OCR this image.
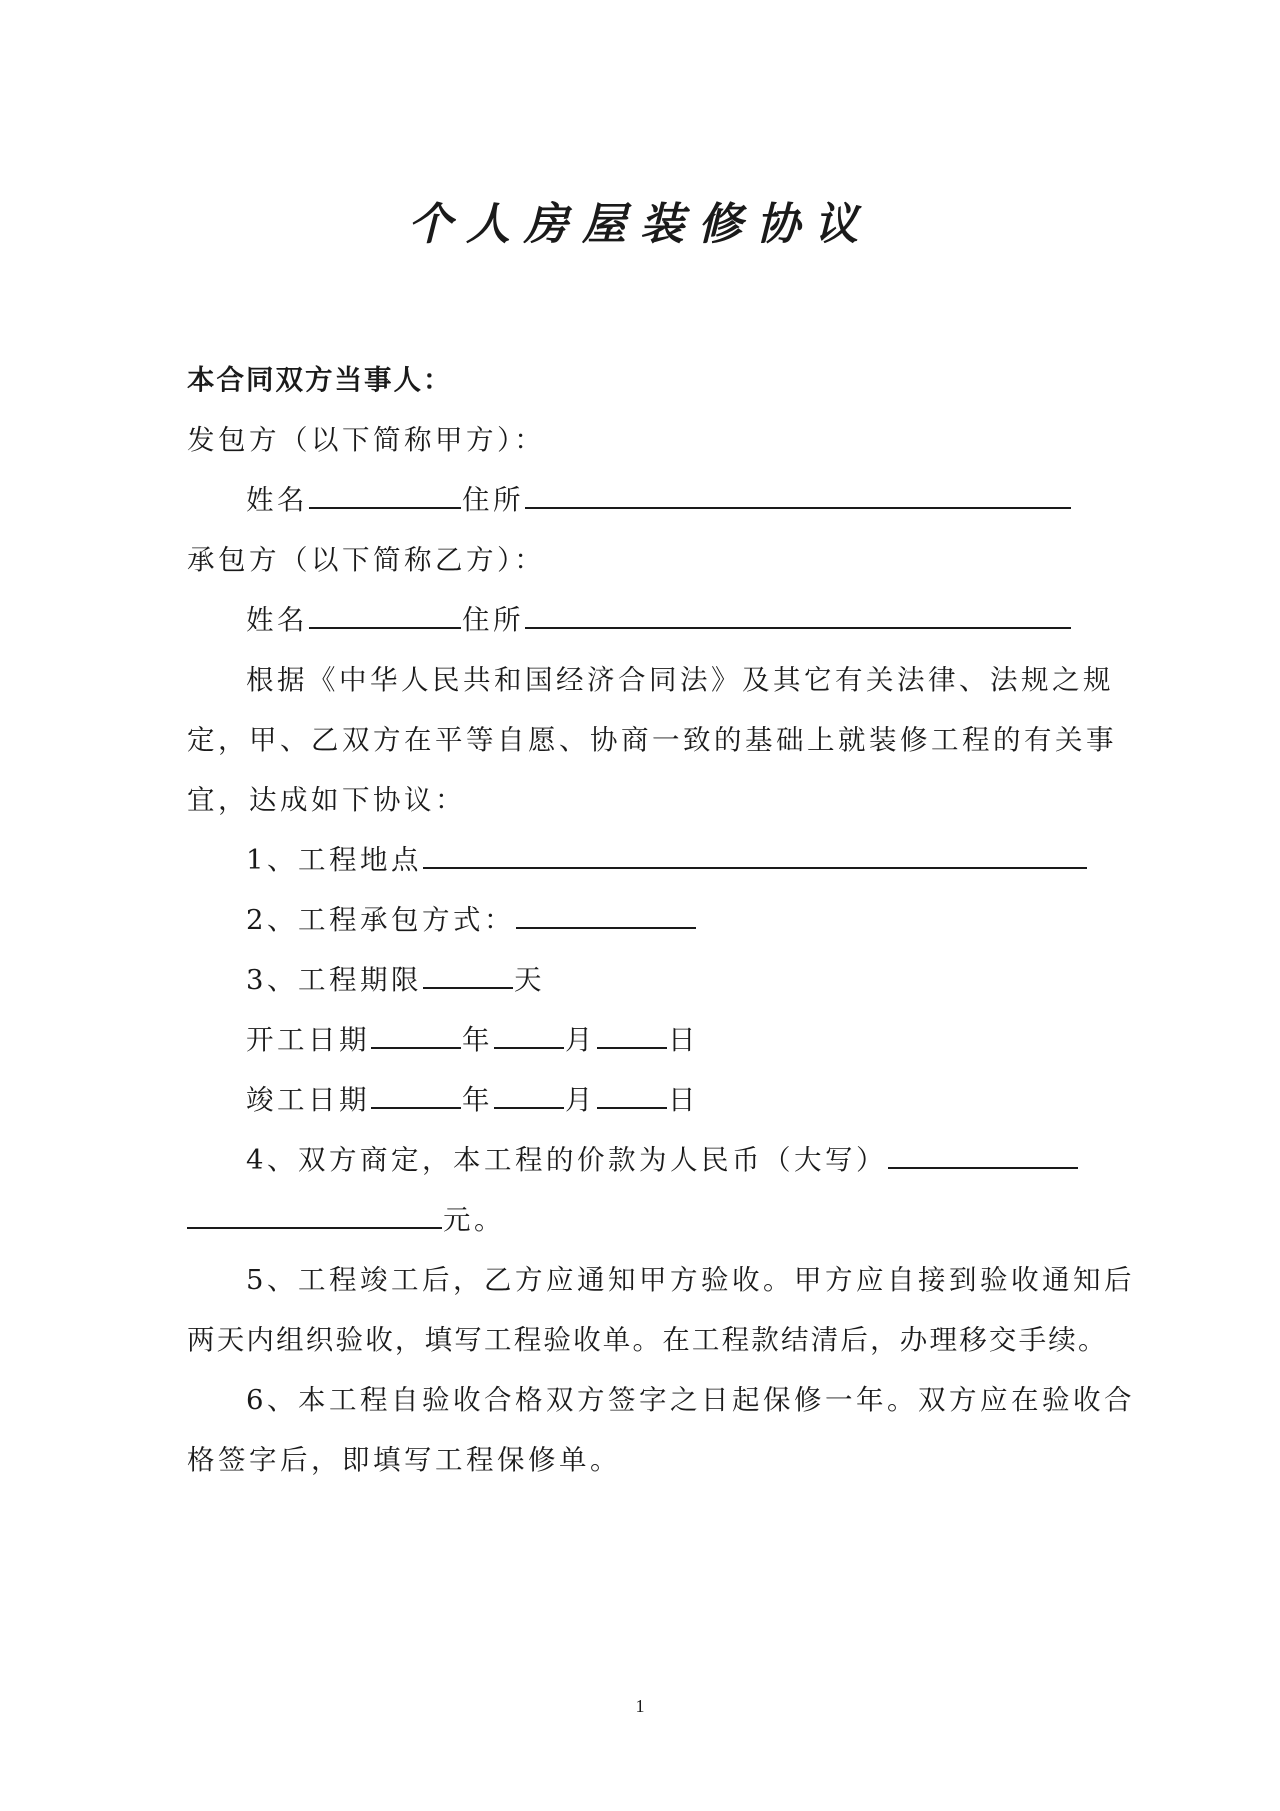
个人房屋装修协议
本合同双方当事人：
发包方（以下简称甲方）：
姓名	住所
承包方（以下简称乙方）：
姓名	住所
根据《中华人民共和国经济合同法》及其它有关法律、法规之规
定，甲、乙双方在平等自愿、协商一致的基础上就装修工程的有关事
宜，达成如下协议：
1、工程地点
2、工程承包方式：
3、工程期限	天
开工日期	年	月	日
竣工日期	年	月	日
4、双方商定，本工程的价款为人民币（大写）
元。
5、工程竣工后，乙方应通知甲方验收。甲方应自接到验收通知后
两天内组织验收，填写工程验收单。在工程款结清后，办理移交手续。
6、本工程自验收合格双方签字之日起保修一年。双方应在验收合
格签字后，即填写工程保修单。
1
